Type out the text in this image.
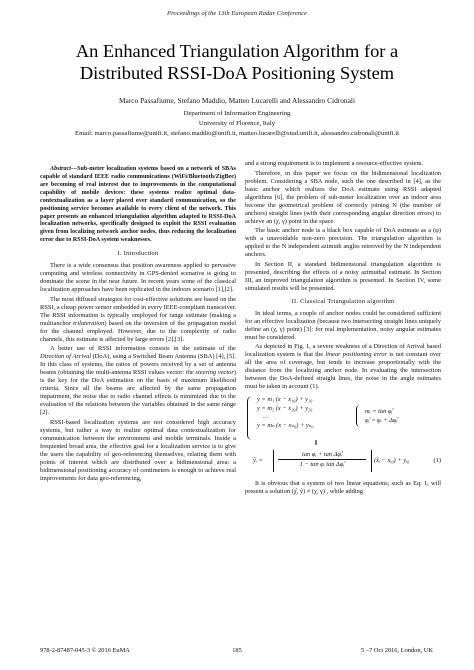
Proceedings of the 13th European Radar Conference
An Enhanced Triangulation Algorithm for a
Distributed RSSI-DoA Positioning System
Marco Passafiume, Stefano Maddio, Matteo Lucarelli and Alessandro Cidronali
Department of Information Engineering
University of Florence, Italy
Email: marco.passafiume@unifi.it, stefano.maddio@unifi.it, matteo.lucarelli@stud.unifi.it, alessandro.cidronali@unifi.it

Abstract—Sub-meter localization systems based on a network of SBAs capable of standard IEEE radio communications (WiFi/Bluetooth/ZigBee) are becoming of real interest due to improvements in the computational capability of mobile devices: these systems realize optimal data-contextualization as a layer placed over standard communication, so the positioning service becomes available to every client of the network. This paper presents an enhanced triangulation algorithm adapted to RSSI-DoA localization networks, specifically designed to exploit the RSSI evaluation given from localizing network anchor nodes, thus reducing the localization error due to RSSI-DoA system weaknesses.

I. Introduction

There is a wide consensus that position awareness applied to pervasive computing and wireless connectivity in GPS-denied scenarios is going to dominate the scene in the near future. In recent years some of the classical localization approaches have been replicated in the indoors scenario [1],[2].

The most diffused strategies for cost-effective solutions are based on the RSSI, a cheap power sensor embedded in every IEEE-compliant transceiver. The RSSI information is typically employed for range estimate (making a multianchor trilateration) based on the inversion of the propagation model for the channel employed. However, due to the complexity of radio channels, this estimate is affected by large errors [2],[3].

A better use of RSSI information consists in the estimate of the Direction of Arrival (DoA), using a Switched Beam Antenna (SBA) [4], [5]. In this class of systems, the ratios of powers received by a set of antenna beams (obtaining the multi-antenna RSSI values vector: the steering vector) is the key for the DoA estimation on the basis of maximum likelihood criteria. Since all the beams are affected by the same propagation impairment, the noise due to radio channel effects is minimized due to the evaluation of the relations between the variables obtained in the same range [2].

RSSI-based localization systems are not considered high accuracy systems, but rather a way to realize optimal data contextualization for communication between the environment and mobile terminals. Inside a frequented broad area, the effective goal for a localization service is to give the users the capability of geo-referencing themselves, relating them with points of interest which are distributed over a bidimensional area: a bidimensional positioning accuracy of centimeters is enough to achieve real improvements for data geo-referencing,

and a strong requirement is to implement a resource-effective system.

Therefore, in this paper we focus on the bidimensional localization problem. Considering a SBA node, such the one described in [4], as the basic anchor which realizes the DoA estimate using RSSI adapted algorithms [6], the problem of sub-meter localization over an indoor area become the geometrical problem of correctly joining N (the number of anchors) straight lines (with their corresponding angular direction errors) to achieve an (χ, γ) point in the space.

The basic anchor node is a black box capable of DoA estimate as a (φ) with a unavoidable non-zero precision. The triangulation algorithm is applied to the N independent azimuth angles retreived by the N independent anchors.

In Section II, a standard bidimensional triangulation algorithm is presented, describing the effects of a noisy azimuthal estimate. In Section III, an improved triangulation algorithm is presented. In Section IV, some simulated results will be presented.

II. Classical Triangulation algorithm

In ideal terms, a couple of anchor nodes could be considered sufficient for an effective localization (because two intersecting straight lines uniquely define an (χ, γ) point) [3]: for real implementation, noisy angular estimates must be considered.

As depicted in Fig. 1, a severe weakness of a Direction of Arrival based localization system is that the linear positioning error is not constant over all the area of coverage, but tends to increase proportionally with the distance from the localizing anchor node. In evaluating the intersection between the DoA-defined straight lines, the noise in the angle estimates must be taken in account (1).

y = m₁ (x − x₁₀) + y₁₀
y = m₂ (x − x₂₀) + y₂₀
…
y = mₙ (x − xₙ₀) + yₙ₀
mᵢ = tan φ̂ᵢ
φ̂ᵢ = φᵢ + Δφ̂ᵢ
⇓
ŷᵢ = $\frac{\text{tan φᵢ + tan Δφ̂ᵢ}}{\text{1 − tan φᵢ tan Δφ̂ᵢ}}$ (x̂ᵢ − xᵢ₀) + yᵢ₀	(1)

It is obvious that a system of two linear equations, such as Eq. 1, will present a solution (χ̂, ŷ) ≠ (χ, γ) , while adding

978-2-87487-045-3 © 2016 EuMA	185	5 –7 Oct 2016, London, UK
